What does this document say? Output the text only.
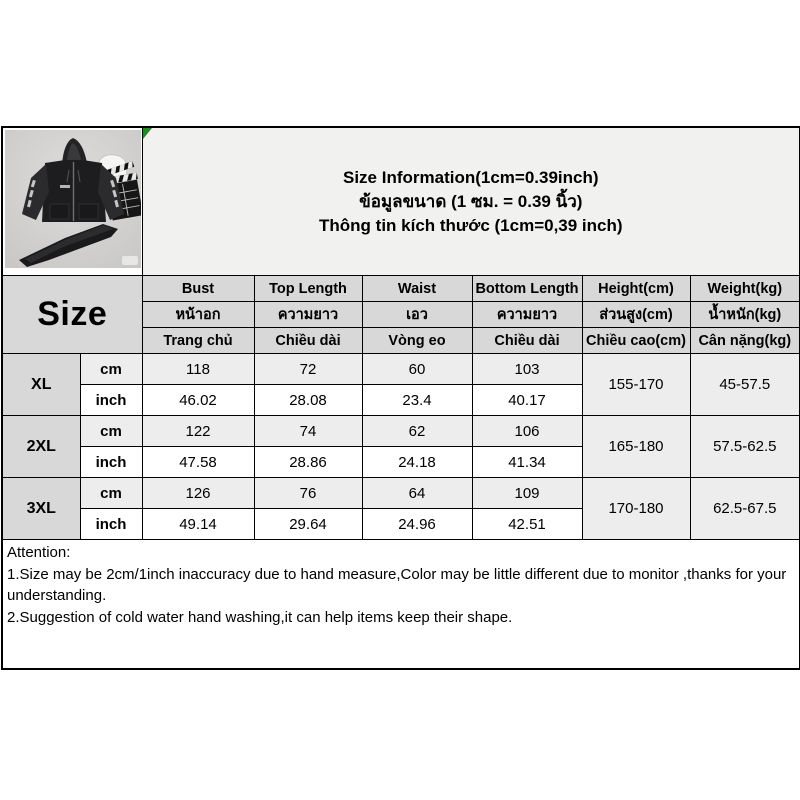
Size Information(1cm=0.39inch)
ข้อมูลขนาด (1 ซม. = 0.39 นิ้ว)
Thông tin kích thước (1cm=0,39 inch)					

Size		Bust	Top Length	Waist	Bottom Length	Height(cm)	Weight(kg)
		หน้าอก	ความยาว	เอว	ความยาว	ส่วนสูง(cm)	น้ำหนัก(kg)
		Trang chủ	Chiều dài	Vòng eo	Chiều dài	Chiều cao(cm)	Cân nặng(kg)
XL	cm	118	72	60	103	155-170	45-57.5
	inch	46.02	28.08	23.4	40.17		
2XL	cm	122	74	62	106	165-180	57.5-62.5
	inch	47.58	28.86	24.18	41.34		
3XL	cm	126	76	64	109	170-180	62.5-67.5
	inch	49.14	29.64	24.96	42.51		

Attention:
1.Size may be 2cm/1inch inaccuracy due to hand measure,Color may be little different due to monitor ,thanks for your understanding.
2.Suggestion of cold water hand washing,it can help items keep their shape.							
